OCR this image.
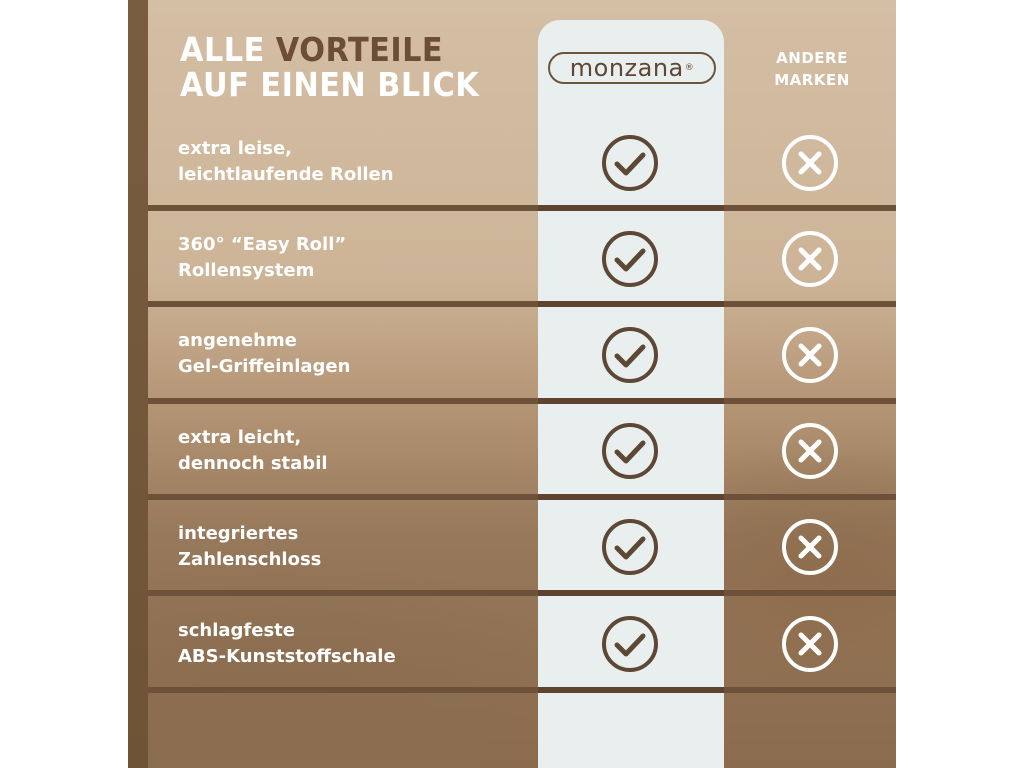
ALLE VORTEILE
AUF EINEN BLICK	monzana ®
ANDERE
MARKEN
extra leise,
leichtlaufende Rollen
360° “Easy Roll”
Rollensystem
angenehme
Gel-Griffeinlagen
extra leicht,
dennoch stabil
integriertes
Zahlenschloss
schlagfeste
ABS-Kunststoffschale
